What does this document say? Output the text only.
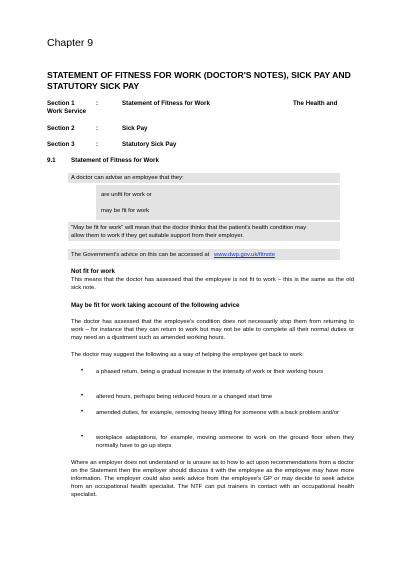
Chapter 9
STATEMENT OF FITNESS FOR WORK (DOCTOR'S NOTES), SICK PAY AND STATUTORY SICK PAY
Section 1	:	Statement of Fitness for Work	The Health and
Work Service
Section 2	:	Sick Pay
Section 3	:	Statutory Sick Pay
9.1 Statement of Fitness for Work
A doctor can advise an employee that they:
are unfit for work or
may be fit for work
"May be fit for work" will mean that the doctor thinks that the patient's health condition may
allow them to work if they get suitable support from their employer.
The Government's advice on this can be accessed at www.dwp.gov.uk/fitnote
Not fit for work
This means that the doctor has assessed that the employee is not fit to work – this is the same as the old sick note.
May be fit for work taking account of the following advice
The doctor has assessed that the employee's condition does not necessarily stop them from returning to work – for instance that they can return to work but may not be able to complete all their normal duties or may need an a djustment such as amended working hours.
The doctor may suggest the following as a way of helping the employee get back to work:
• a phased return, being a gradual increase in the intensity of work or their working hours
• altered hours, perhaps being reduced hours or a changed start time
• amended duties, for example, removing heavy lifting for someone with a back problem and/or
• workplace adaptations, for example, moving someone to work on the ground floor when they normally have to go up steps
Where an employer does not understand or is unsure as to how to act upon recommendations from a doctor on the Statement then the employer should discuss it with the employee as the employee may have more information. The employer could also seek advice from the employee's GP or may decide to seek advice from an occupational health specialist. The NTF can put trainers in contact with an occupational health specialist.
